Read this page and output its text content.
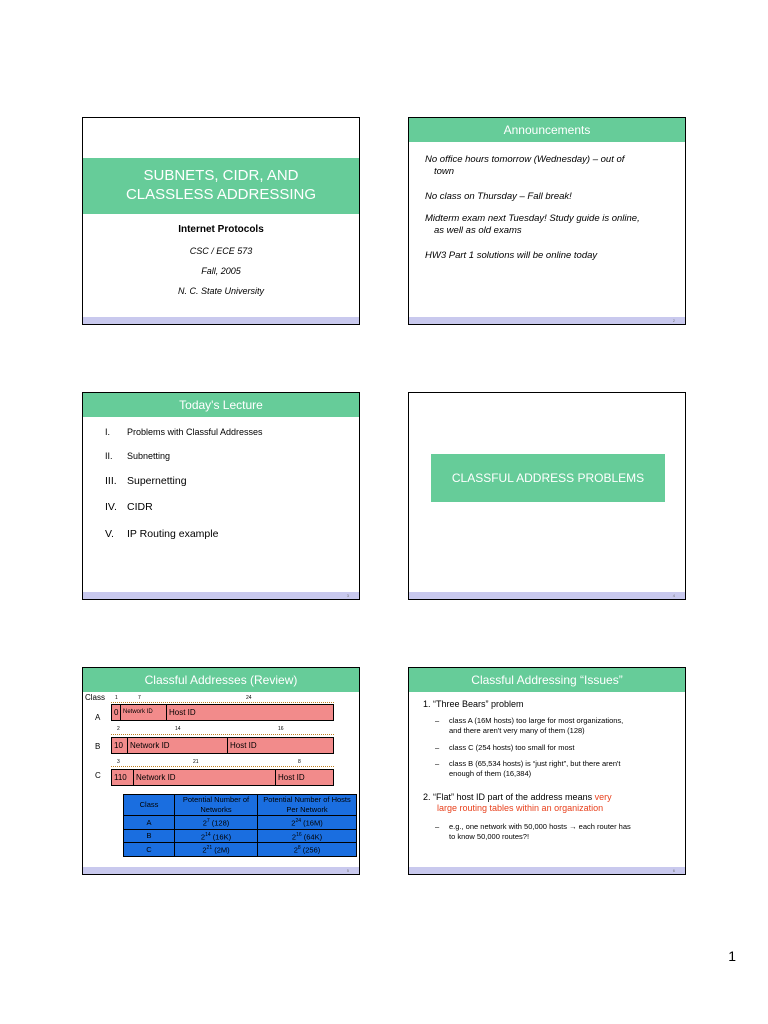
SUBNETS, CIDR, AND
CLASSLESS ADDRESSING
Internet Protocols
CSC / ECE 573
Fall, 2005
N. C. State University
Announcements
No office hours tomorrow (Wednesday) – out of
town
No class on Thursday – Fall break!
Midterm exam next Tuesday! Study guide is online,
as well as old exams
HW3 Part 1 solutions will be online today
2
Today's Lecture
I. Problems with Classful Addresses
II. Subnetting
III. Supernetting
IV. CIDR
V. IP Routing example
3
CLASSFUL ADDRESS PROBLEMS
4
Classful Addresses (Review)
Class
A
1	7	24
0 Network ID	Host ID
B
2	14	16
10 Network ID	Host ID
C
3	21	8
110	Network ID	Host ID
Class	Potential Number of Networks	Potential Number of Hosts Per Network
A	$2^7$ (128)	$2^{24}$ (16M)
B	$2^{14}$ (16K)	$2^{16}$ (64K)
C	$2^{21}$ (2M)	$2^8$ (256)
5
Classful Addressing “Issues”
1. “Three Bears” problem
– class A (16M hosts) too large for most organizations,
and there aren't very many of them (128)
– class C (254 hosts) too small for most
– class B (65,534 hosts) is “just right”, but there aren't
enough of them (16,384)
2. “Flat” host ID part of the address means very
large routing tables within an organization
– e.g., one network with 50,000 hosts → each router has
to know 50,000 routes?!
6
1
